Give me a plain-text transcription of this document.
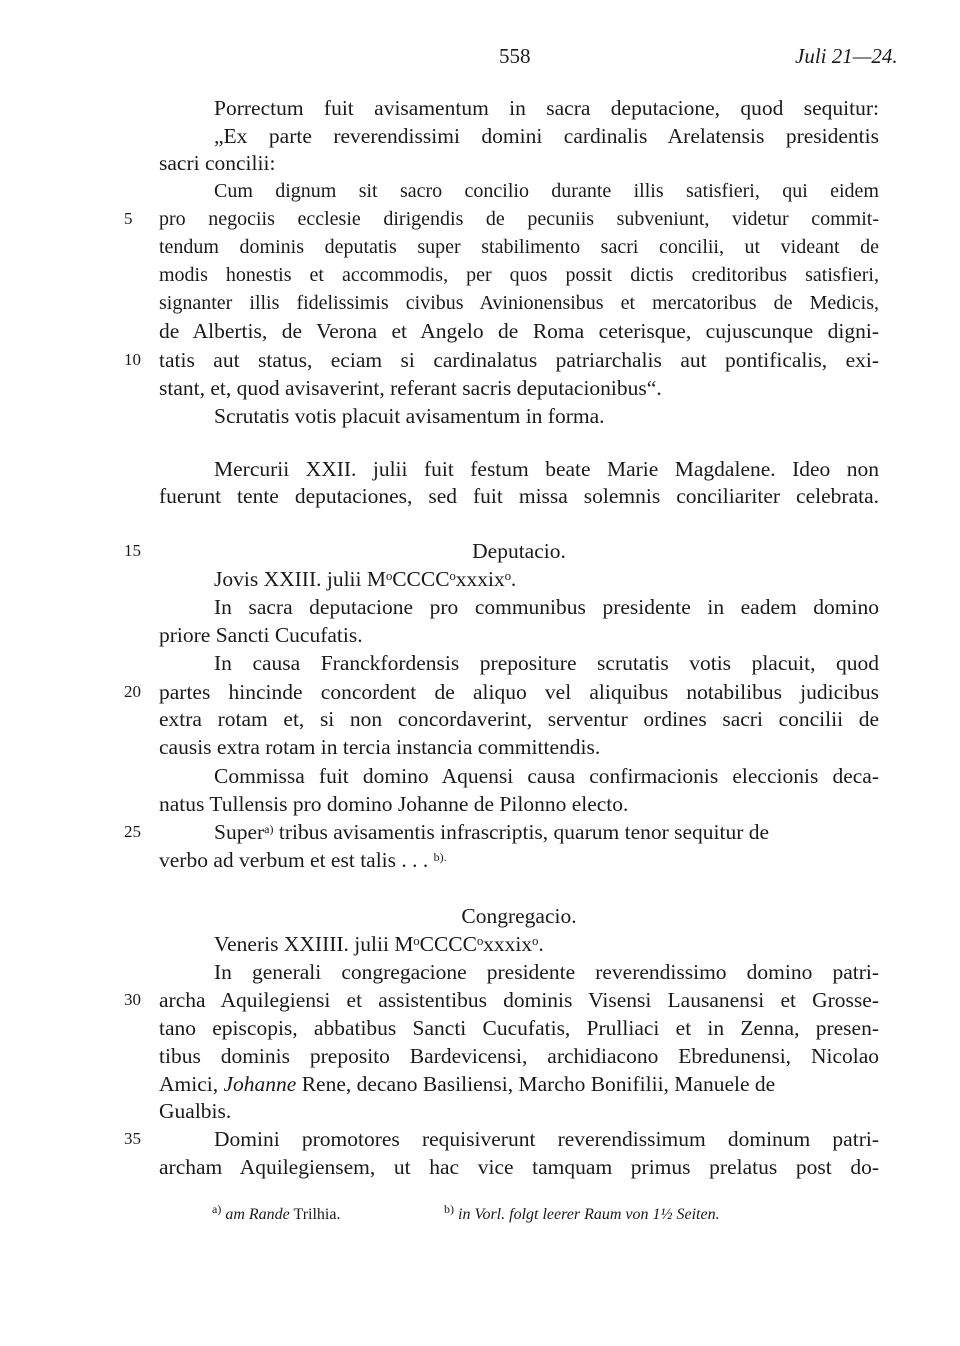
558	Juli 21—24.
5
10
15
20
25
30
35
Porrectum fuit avisamentum in sacra deputacione, quod sequitur:
„Ex parte reverendissimi domini cardinalis Arelatensis presidentis
sacri concilii:
Cum dignum sit sacro concilio durante illis satisfieri, qui eidem
pro negociis ecclesie dirigendis de pecuniis subveniunt, videtur commit-
tendum dominis deputatis super stabilimento sacri concilii, ut videant de
modis honestis et accommodis, per quos possit dictis creditoribus satisfieri,
signanter illis fidelissimis civibus Avinionensibus et mercatoribus de Medicis,
de Albertis, de Verona et Angelo de Roma ceterisque, cujuscunque digni-
tatis aut status, eciam si cardinalatus patriarchalis aut pontificalis, exi-
stant, et, quod avisaverint, referant sacris deputacionibus“.
Scrutatis votis placuit avisamentum in forma.
Mercurii XXII. julii fuit festum beate Marie Magdalene. Ideo non
fuerunt tente deputaciones, sed fuit missa solemnis conciliariter celebrata.
Deputacio.
Jovis XXIII. julii MᵒCCCCᵒxxxixᵒ.
In sacra deputacione pro communibus presidente in eadem domino
priore Sancti Cucufatis.
In causa Franckfordensis prepositure scrutatis votis placuit, quod
partes hincinde concordent de aliquo vel aliquibus notabilibus judicibus
extra rotam et, si non concordaverint, serventur ordines sacri concilii de
causis extra rotam in tercia instancia committendis.
Commissa fuit domino Aquensi causa confirmacionis eleccionis deca-
natus Tullensis pro domino Johanne de Pilonno electo.
Super$^{a)}$ tribus avisamentis infrascriptis, quarum tenor sequitur de
verbo ad verbum et est talis . . . $^{b).}$
Congregacio.
Veneris XXIIII. julii MᵒCCCCᵒxxxixᵒ.
In generali congregacione presidente reverendissimo domino patri-
archa Aquilegiensi et assistentibus dominis Visensi Lausanensi et Grosse-
tano episcopis, abbatibus Sancti Cucufatis, Prulliaci et in Zenna, presen-
tibus dominis preposito Bardevicensi, archidiacono Ebredunensi, Nicolao
Amici, Johanne Rene, decano Basiliensi, Marcho Bonifilii, Manuele de
Gualbis.
Domini promotores requisiverunt reverendissimum dominum patri-
archam Aquilegiensem, ut hac vice tamquam primus prelatus post do-
$^{a)}$ am Rande Trilhia.	$^{b)}$ in Vorl. folgt leerer Raum von 1½ Seiten.
